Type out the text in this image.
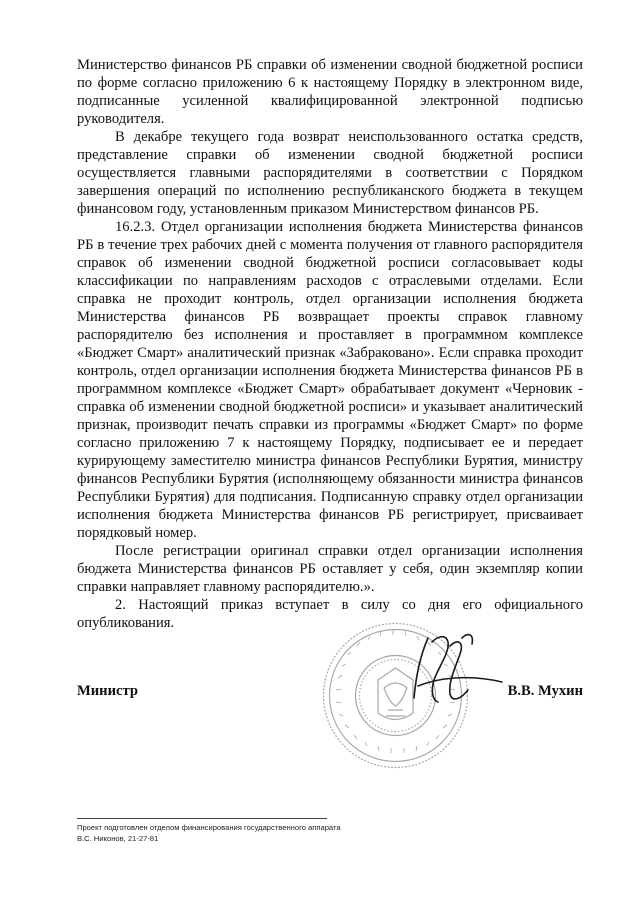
Министерство финансов РБ справки об изменении сводной бюджетной росписи по форме согласно приложению 6 к настоящему Порядку в электронном виде, подписанные усиленной квалифицированной электронной подписью руководителя.

В декабре текущего года возврат неиспользованного остатка средств, представление справки об изменении сводной бюджетной росписи осуществляется главными распорядителями в соответствии с Порядком завершения операций по исполнению республиканского бюджета в текущем финансовом году, установленным приказом Министерством финансов РБ.

16.2.3. Отдел организации исполнения бюджета Министерства финансов РБ в течение трех рабочих дней с момента получения от главного распорядителя справок об изменении сводной бюджетной росписи согласовывает коды классификации по направлениям расходов с отраслевыми отделами. Если справка не проходит контроль, отдел организации исполнения бюджета Министерства финансов РБ возвращает проекты справок главному распорядителю без исполнения и проставляет в программном комплексе «Бюджет Смарт» аналитический признак «Забраковано». Если справка проходит контроль, отдел организации исполнения бюджета Министерства финансов РБ в программном комплексе «Бюджет Смарт» обрабатывает документ «Черновик - справка об изменении сводной бюджетной росписи» и указывает аналитический признак, производит печать справки из программы «Бюджет Смарт» по форме согласно приложению 7 к настоящему Порядку, подписывает ее и передает курирующему заместителю министра финансов Республики Бурятия, министру финансов Республики Бурятия (исполняющему обязанности министра финансов Республики Бурятия) для подписания. Подписанную справку отдел организации исполнения бюджета Министерства финансов РБ регистрирует, присваивает порядковый номер.

После регистрации оригинал справки отдел организации исполнения бюджета Министерства финансов РБ оставляет у себя, один экземпляр копии справки направляет главному распорядителю.».

2. Настоящий приказ вступает в силу со дня его официального опубликования.

Министр	В.В. Мухин
Проект подготовлен отделом финансирования государственного аппарата
В.С. Никонов, 21-27-81
